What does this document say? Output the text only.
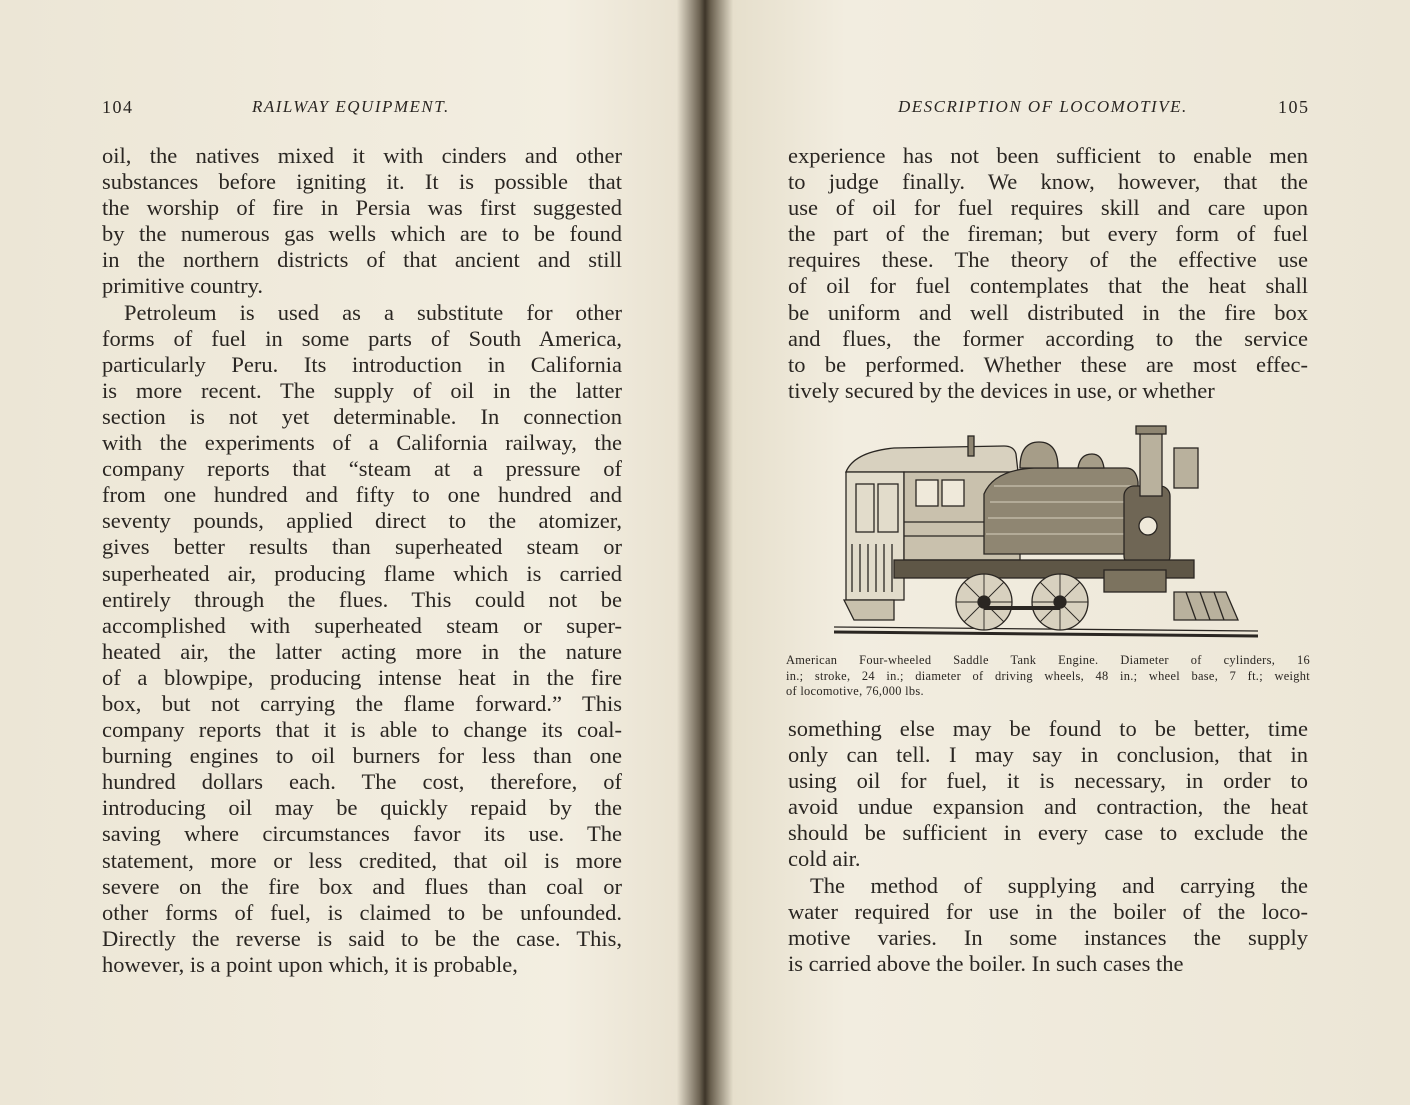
104	RAILWAY EQUIPMENT.
oil, the natives mixed it with cinders and other
substances before igniting it. It is possible that
the worship of fire in Persia was first suggested
by the numerous gas wells which are to be found
in the northern districts of that ancient and still
primitive country.
Petroleum is used as a substitute for other
forms of fuel in some parts of South America,
particularly Peru. Its introduction in California
is more recent. The supply of oil in the latter
section is not yet determinable. In connection
with the experiments of a California railway, the
company reports that “steam at a pressure of
from one hundred and fifty to one hundred and
seventy pounds, applied direct to the atomizer,
gives better results than superheated steam or
superheated air, producing flame which is carried
entirely through the flues. This could not be
accomplished with superheated steam or super-
heated air, the latter acting more in the nature
of a blowpipe, producing intense heat in the fire
box, but not carrying the flame forward.” This
company reports that it is able to change its coal-
burning engines to oil burners for less than one
hundred dollars each. The cost, therefore, of
introducing oil may be quickly repaid by the
saving where circumstances favor its use. The
statement, more or less credited, that oil is more
severe on the fire box and flues than coal or
other forms of fuel, is claimed to be unfounded.
Directly the reverse is said to be the case. This,
however, is a point upon which, it is probable,
DESCRIPTION OF LOCOMOTIVE.	105
experience has not been sufficient to enable men
to judge finally. We know, however, that the
use of oil for fuel requires skill and care upon
the part of the fireman; but every form of fuel
requires these. The theory of the effective use
of oil for fuel contemplates that the heat shall
be uniform and well distributed in the fire box
and flues, the former according to the service
to be performed. Whether these are most effec-
tively secured by the devices in use, or whether
American Four-wheeled Saddle Tank Engine. Diameter of cylinders, 16
in.; stroke, 24 in.; diameter of driving wheels, 48 in.; wheel base, 7 ft.; weight
of locomotive, 76,000 lbs.
something else may be found to be better, time
only can tell. I may say in conclusion, that in
using oil for fuel, it is necessary, in order to
avoid undue expansion and contraction, the heat
should be sufficient in every case to exclude the
cold air.
The method of supplying and carrying the
water required for use in the boiler of the loco-
motive varies. In some instances the supply
is carried above the boiler. In such cases the
